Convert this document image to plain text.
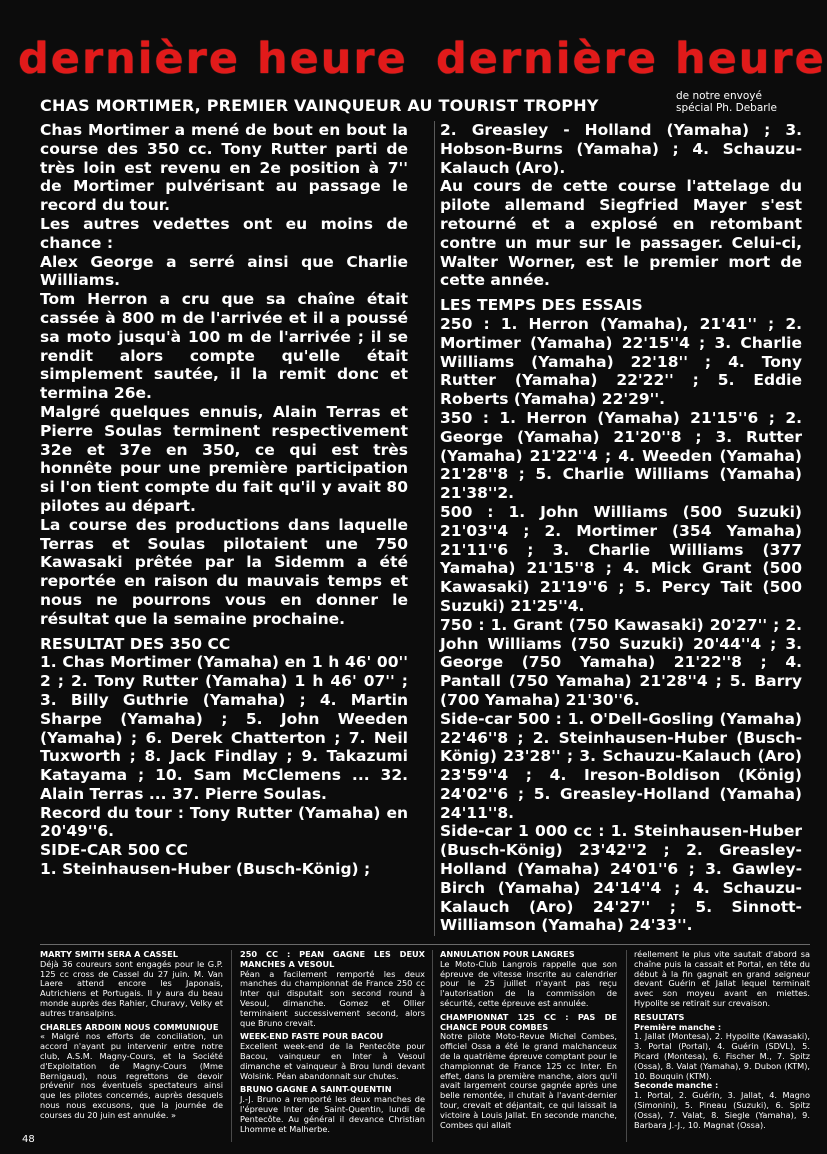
dernière heure dernière heure
CHAS MORTIMER, PREMIER VAINQUEUR AU TOURIST TROPHY	de notre envoyé
spécial Ph. Debarle

Chas Mortimer a mené de bout en bout la course des 350 cc. Tony Rutter parti de très loin est revenu en 2e position à 7'' de Mortimer pulvérisant au passage le record du tour.

Les autres vedettes ont eu moins de chance :

Alex George a serré ainsi que Charlie Williams.

Tom Herron a cru que sa chaîne était cassée à 800 m de l'arrivée et il a poussé sa moto jusqu'à 100 m de l'arrivée ; il se rendit alors compte qu'elle était simplement sautée, il la remit donc et termina 26e.

Malgré quelques ennuis, Alain Terras et Pierre Soulas terminent respectivement 32e et 37e en 350, ce qui est très honnête pour une première participation si l'on tient compte du fait qu'il y avait 80 pilotes au départ.

La course des productions dans laquelle Terras et Soulas pilotaient une 750 Kawasaki prêtée par la Sidemm a été reportée en raison du mauvais temps et nous ne pourrons vous en donner le résultat que la semaine prochaine.

RESULTAT DES 350 CC

1. Chas Mortimer (Yamaha) en 1 h 46' 00'' 2 ; 2. Tony Rutter (Yamaha) 1 h 46' 07'' ; 3. Billy Guthrie (Yamaha) ; 4. Martin Sharpe (Yamaha) ; 5. John Weeden (Yamaha) ; 6. Derek Chatterton ; 7. Neil Tuxworth ; 8. Jack Findlay ; 9. Takazumi Katayama ; 10. Sam McClemens ... 32. Alain Terras ... 37. Pierre Soulas.

Record du tour : Tony Rutter (Yamaha) en 20'49''6.

SIDE-CAR 500 CC

1. Steinhausen-Huber (Busch-König) ;

2. Greasley - Holland (Yamaha) ; 3. Hobson-Burns (Yamaha) ; 4. Schauzu-Kalauch (Aro).

Au cours de cette course l'attelage du pilote allemand Siegfried Mayer s'est retourné et a explosé en retombant contre un mur sur le passager. Celui-ci, Walter Worner, est le premier mort de cette année.

LES TEMPS DES ESSAIS

250 : 1. Herron (Yamaha), 21'41'' ; 2. Mortimer (Yamaha) 22'15''4 ; 3. Charlie Williams (Yamaha) 22'18'' ; 4. Tony Rutter (Yamaha) 22'22'' ; 5. Eddie Roberts (Yamaha) 22'29''.

350 : 1. Herron (Yamaha) 21'15''6 ; 2. George (Yamaha) 21'20''8 ; 3. Rutter (Yamaha) 21'22''4 ; 4. Weeden (Yamaha) 21'28''8 ; 5. Charlie Williams (Yamaha) 21'38''2.

500 : 1. John Williams (500 Suzuki) 21'03''4 ; 2. Mortimer (354 Yamaha) 21'11''6 ; 3. Charlie Williams (377 Yamaha) 21'15''8 ; 4. Mick Grant (500 Kawasaki) 21'19''6 ; 5. Percy Tait (500 Suzuki) 21'25''4.

750 : 1. Grant (750 Kawasaki) 20'27'' ; 2. John Williams (750 Suzuki) 20'44''4 ; 3. George (750 Yamaha) 21'22''8 ; 4. Pantall (750 Yamaha) 21'28''4 ; 5. Barry (700 Yamaha) 21'30''6.

Side-car 500 : 1. O'Dell-Gosling (Yamaha) 22'46''8 ; 2. Steinhausen-Huber (Busch-König) 23'28'' ; 3. Schauzu-Kalauch (Aro) 23'59''4 ; 4. Ireson-Boldison (König) 24'02''6 ; 5. Greasley-Holland (Yamaha) 24'11''8.

Side-car 1 000 cc : 1. Steinhausen-Huber (Busch-König) 23'42''2 ; 2. Greasley-Holland (Yamaha) 24'01''6 ; 3. Gawley-Birch (Yamaha) 24'14''4 ; 4. Schauzu-Kalauch (Aro) 24'27'' ; 5. Sinnott-Williamson (Yamaha) 24'33''.

MARTY SMITH SERA A CASSEL

Déjà 36 coureurs sont engagés pour le G.P. 125 cc cross de Cassel du 27 juin. M. Van Laere attend encore les Japonais, Autrichiens et Portugais. Il y aura du beau monde auprès des Rahier, Churavy, Velky et autres transalpins.

CHARLES ARDOIN NOUS COMMUNIQUE

« Malgré nos efforts de conciliation, un accord n'ayant pu intervenir entre notre club, A.S.M. Magny-Cours, et la Société d'Exploitation de Magny-Cours (Mme Bernigaud), nous regrettons de devoir prévenir nos éventuels spectateurs ainsi que les pilotes concernés, auprès desquels nous nous excusons, que la journée de courses du 20 juin est annulée. »

250 CC : PEAN GAGNE LES DEUX MANCHES A VESOUL

Péan a facilement remporté les deux manches du championnat de France 250 cc Inter qui disputait son second round à Vesoul, dimanche. Gomez et Ollier terminaient successivement second, alors que Bruno crevait.

WEEK-END FASTE POUR BACOU

Excellent week-end de la Pentecôte pour Bacou, vainqueur en Inter à Vesoul dimanche et vainqueur à Brou lundi devant Wolsink. Péan abandonnait sur chutes.

BRUNO GAGNE A SAINT-QUENTIN

J.-J. Bruno a remporté les deux manches de l'épreuve Inter de Saint-Quentin, lundi de Pentecôte. Au général il devance Christian Lhomme et Malherbe.

ANNULATION POUR LANGRES

Le Moto-Club Langrois rappelle que son épreuve de vitesse inscrite au calendrier pour le 25 juillet n'ayant pas reçu l'autorisation de la commission de sécurité, cette épreuve est annulée.

CHAMPIONNAT 125 CC : PAS DE CHANCE POUR COMBES

Notre pilote Moto-Revue Michel Combes, officiel Ossa a été le grand malchanceux de la quatrième épreuve comptant pour le championnat de France 125 cc Inter. En effet, dans la première manche, alors qu'il avait largement course gagnée après une belle remontée, il chutait à l'avant-dernier tour, crevait et déjantait, ce qui laissait la victoire à Louis Jallat. En seconde manche, Combes qui allait

réellement le plus vite sautait d'abord sa chaîne puis la cassait et Portal, en tête du début à la fin gagnait en grand seigneur devant Guérin et Jallat lequel terminait avec son moyeu avant en miettes. Hypolite se retirait sur crevaison.

RESULTATS

Première manche :

1. Jallat (Montesa), 2. Hypolite (Kawasaki), 3. Portal (Portal), 4. Guérin (SDVL), 5. Picard (Montesa), 6. Fischer M., 7. Spitz (Ossa), 8. Valat (Yamaha), 9. Dubon (KTM), 10. Bouquin (KTM).

Seconde manche :

1. Portal, 2. Guérin, 3. Jallat, 4. Magno (Simonini), 5. Pineau (Suzuki), 6. Spitz (Ossa), 7. Valat, 8. Siegle (Yamaha), 9. Barbara J.-J., 10. Magnat (Ossa).

48
